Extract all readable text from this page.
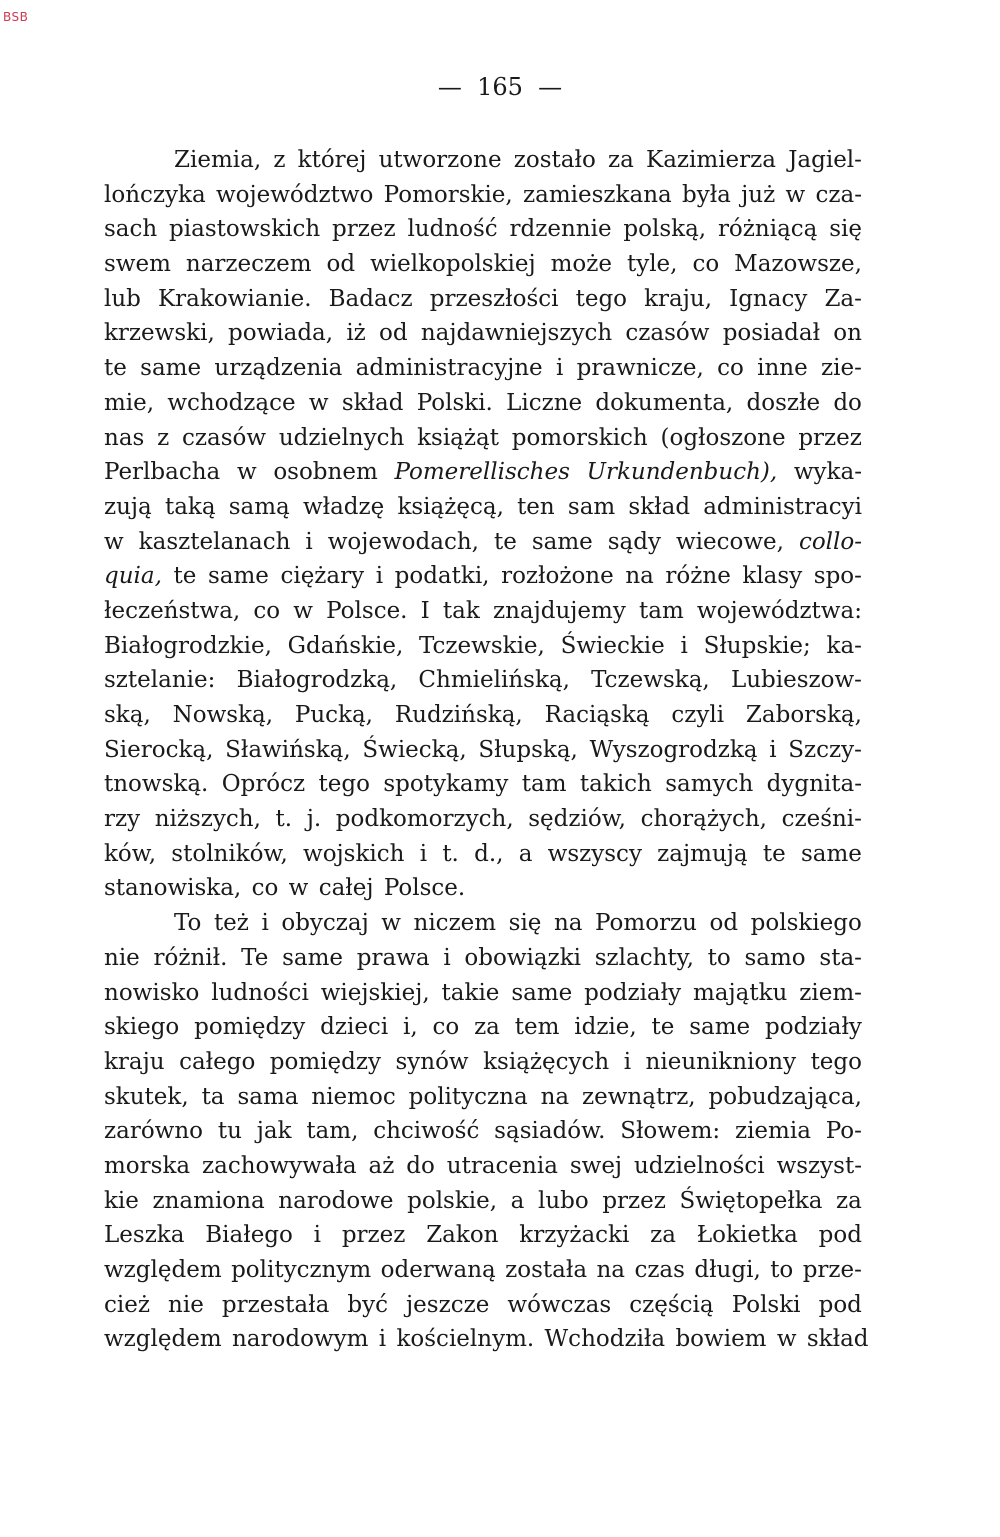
BSB
—  165  —
Ziemia, z której utworzone zostało za Kazimierza Jagiel-
lończyka województwo Pomorskie, zamieszkana była już w cza-
sach piastowskich przez ludność rdzennie polską, różniącą się
swem narzeczem od wielkopolskiej może tyle, co Mazowsze,
lub Krakowianie. Badacz przeszłości tego kraju, Ignacy Za-
krzewski, powiada, iż od najdawniejszych czasów posiadał on
te same urządzenia administracyjne i prawnicze, co inne zie-
mie, wchodzące w skład Polski. Liczne dokumenta, doszłe do
nas z czasów udzielnych książąt pomorskich (ogłoszone przez
Perlbacha w osobnem Pomerellisches Urkundenbuch), wyka-
zują taką samą władzę książęcą, ten sam skład administracyi
w kasztelanach i wojewodach, te same sądy wiecowe, collo-
quia, te same ciężary i podatki, rozłożone na różne klasy spo-
łeczeństwa, co w Polsce. I tak znajdujemy tam województwa:
Białogrodzkie, Gdańskie, Tczewskie, Świeckie i Słupskie; ka-
sztelanie: Białogrodzką, Chmielińską, Tczewską, Lubieszow-
ską, Nowską, Pucką, Rudzińską, Raciąską czyli Zaborską,
Sierocką, Sławińską, Świecką, Słupską, Wyszogrodzką i Szczy-
tnowską. Oprócz tego spotykamy tam takich samych dygnita-
rzy niższych, t. j. podkomorzych, sędziów, chorążych, cześni-
ków, stolników, wojskich i t. d., a wszyscy zajmują te same
stanowiska, co w całej Polsce.
To też i obyczaj w niczem się na Pomorzu od polskiego
nie różnił. Te same prawa i obowiązki szlachty, to samo sta-
nowisko ludności wiejskiej, takie same podziały majątku ziem-
skiego pomiędzy dzieci i, co za tem idzie, te same podziały
kraju całego pomiędzy synów książęcych i nieunikniony tego
skutek, ta sama niemoc polityczna na zewnątrz, pobudzająca,
zarówno tu jak tam, chciwość sąsiadów. Słowem: ziemia Po-
morska zachowywała aż do utracenia swej udzielności wszyst-
kie znamiona narodowe polskie, a lubo przez Świętopełka za
Leszka Białego i przez Zakon krzyżacki za Łokietka pod
względem politycznym oderwaną została na czas długi, to prze-
cież nie przestała być jeszcze wówczas częścią Polski pod
względem narodowym i kościelnym. Wchodziła bowiem w skład
